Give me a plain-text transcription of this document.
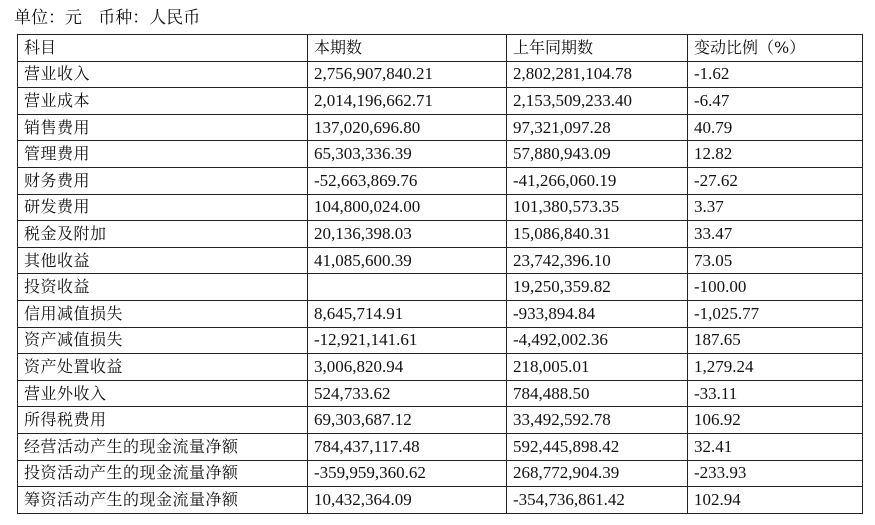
单位：元   币种：人民币
科目	本期数	上年同期数	变动比例（%）
营业收入	2,756,907,840.21	2,802,281,104.78	-1.62
营业成本	2,014,196,662.71	2,153,509,233.40	-6.47
销售费用	137,020,696.80	97,321,097.28	40.79
管理费用	65,303,336.39	57,880,943.09	12.82
财务费用	-52,663,869.76	-41,266,060.19	-27.62
研发费用	104,800,024.00	101,380,573.35	3.37
税金及附加	20,136,398.03	15,086,840.31	33.47
其他收益	41,085,600.39	23,742,396.10	73.05
投资收益		19,250,359.82	-100.00
信用减值损失	8,645,714.91	-933,894.84	-1,025.77
资产减值损失	-12,921,141.61	-4,492,002.36	187.65
资产处置收益	3,006,820.94	218,005.01	1,279.24
营业外收入	524,733.62	784,488.50	-33.11
所得税费用	69,303,687.12	33,492,592.78	106.92
经营活动产生的现金流量净额	784,437,117.48	592,445,898.42	32.41
投资活动产生的现金流量净额	-359,959,360.62	268,772,904.39	-233.93
筹资活动产生的现金流量净额	10,432,364.09	-354,736,861.42	102.94
